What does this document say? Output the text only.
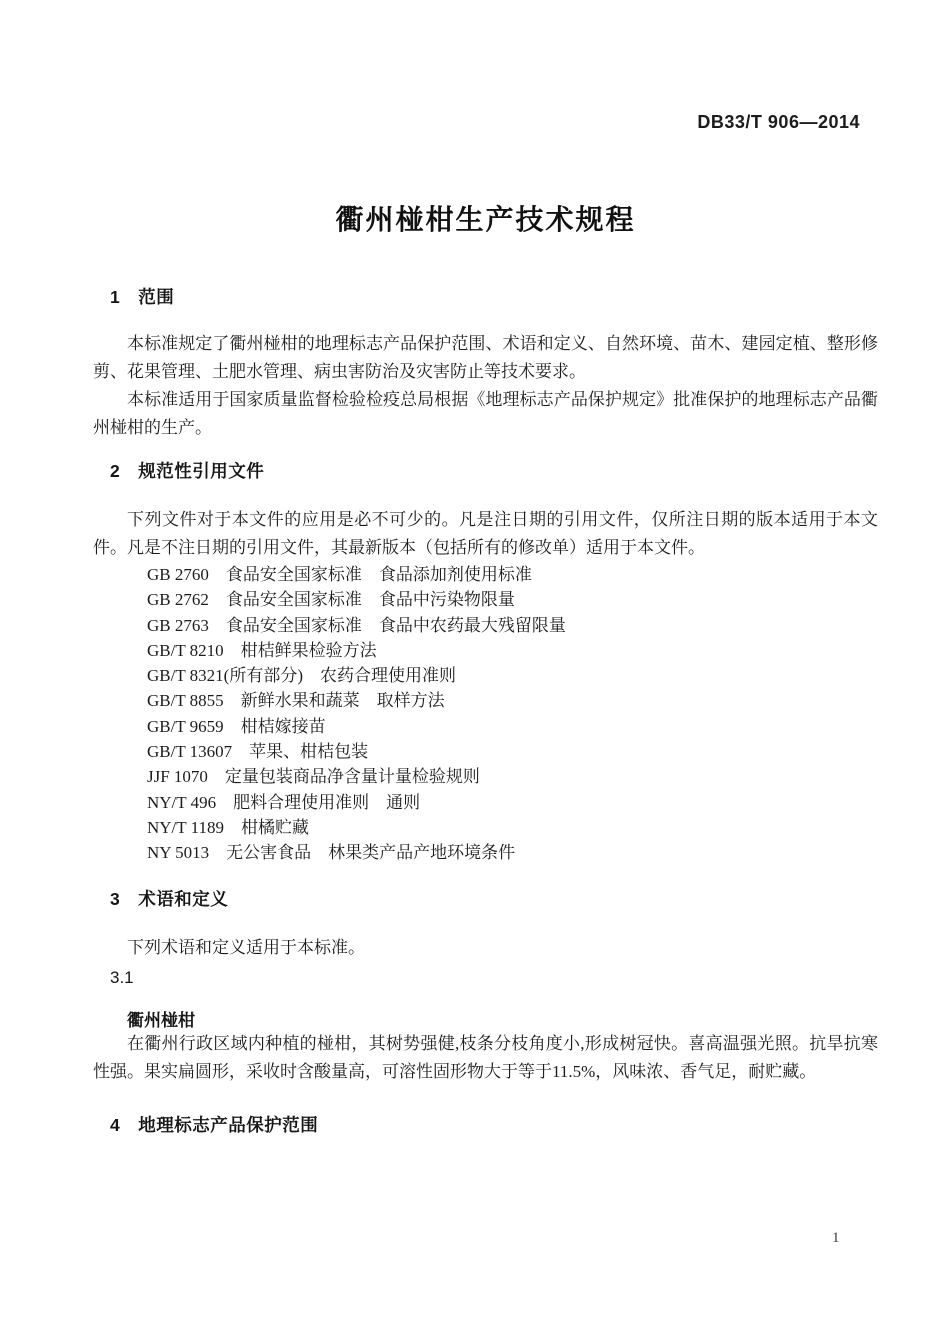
DB33/T 906—2014
衢州椪柑生产技术规程
1　范围
本标准规定了衢州椪柑的地理标志产品保护范围、术语和定义、自然环境、苗木、建园定植、整形修剪、花果管理、土肥水管理、病虫害防治及灾害防止等技术要求。
本标准适用于国家质量监督检验检疫总局根据《地理标志产品保护规定》批准保护的地理标志产品衢州椪柑的生产。
2　规范性引用文件
下列文件对于本文件的应用是必不可少的。凡是注日期的引用文件，仅所注日期的版本适用于本文件。凡是不注日期的引用文件，其最新版本（包括所有的修改单）适用于本文件。
GB 2760　食品安全国家标准　食品添加剂使用标准
GB 2762　食品安全国家标准　食品中污染物限量
GB 2763　食品安全国家标准　食品中农药最大残留限量
GB/T 8210　柑桔鲜果检验方法
GB/T 8321(所有部分)　农药合理使用准则
GB/T 8855　新鲜水果和蔬菜　取样方法
GB/T 9659　柑桔嫁接苗
GB/T 13607　苹果、柑桔包装
JJF 1070　定量包装商品净含量计量检验规则
NY/T 496　肥料合理使用准则　通则
NY/T 1189　柑橘贮藏
NY 5013　无公害食品　林果类产品产地环境条件
3　术语和定义
下列术语和定义适用于本标准。
3.1
衢州椪柑
在衢州行政区域内种植的椪柑，其树势强健,枝条分枝角度小,形成树冠快。喜高温强光照。抗旱抗寒性强。果实扁圆形，采收时含酸量高，可溶性固形物大于等于11.5%，风味浓、香气足，耐贮藏。
4　地理标志产品保护范围
1
